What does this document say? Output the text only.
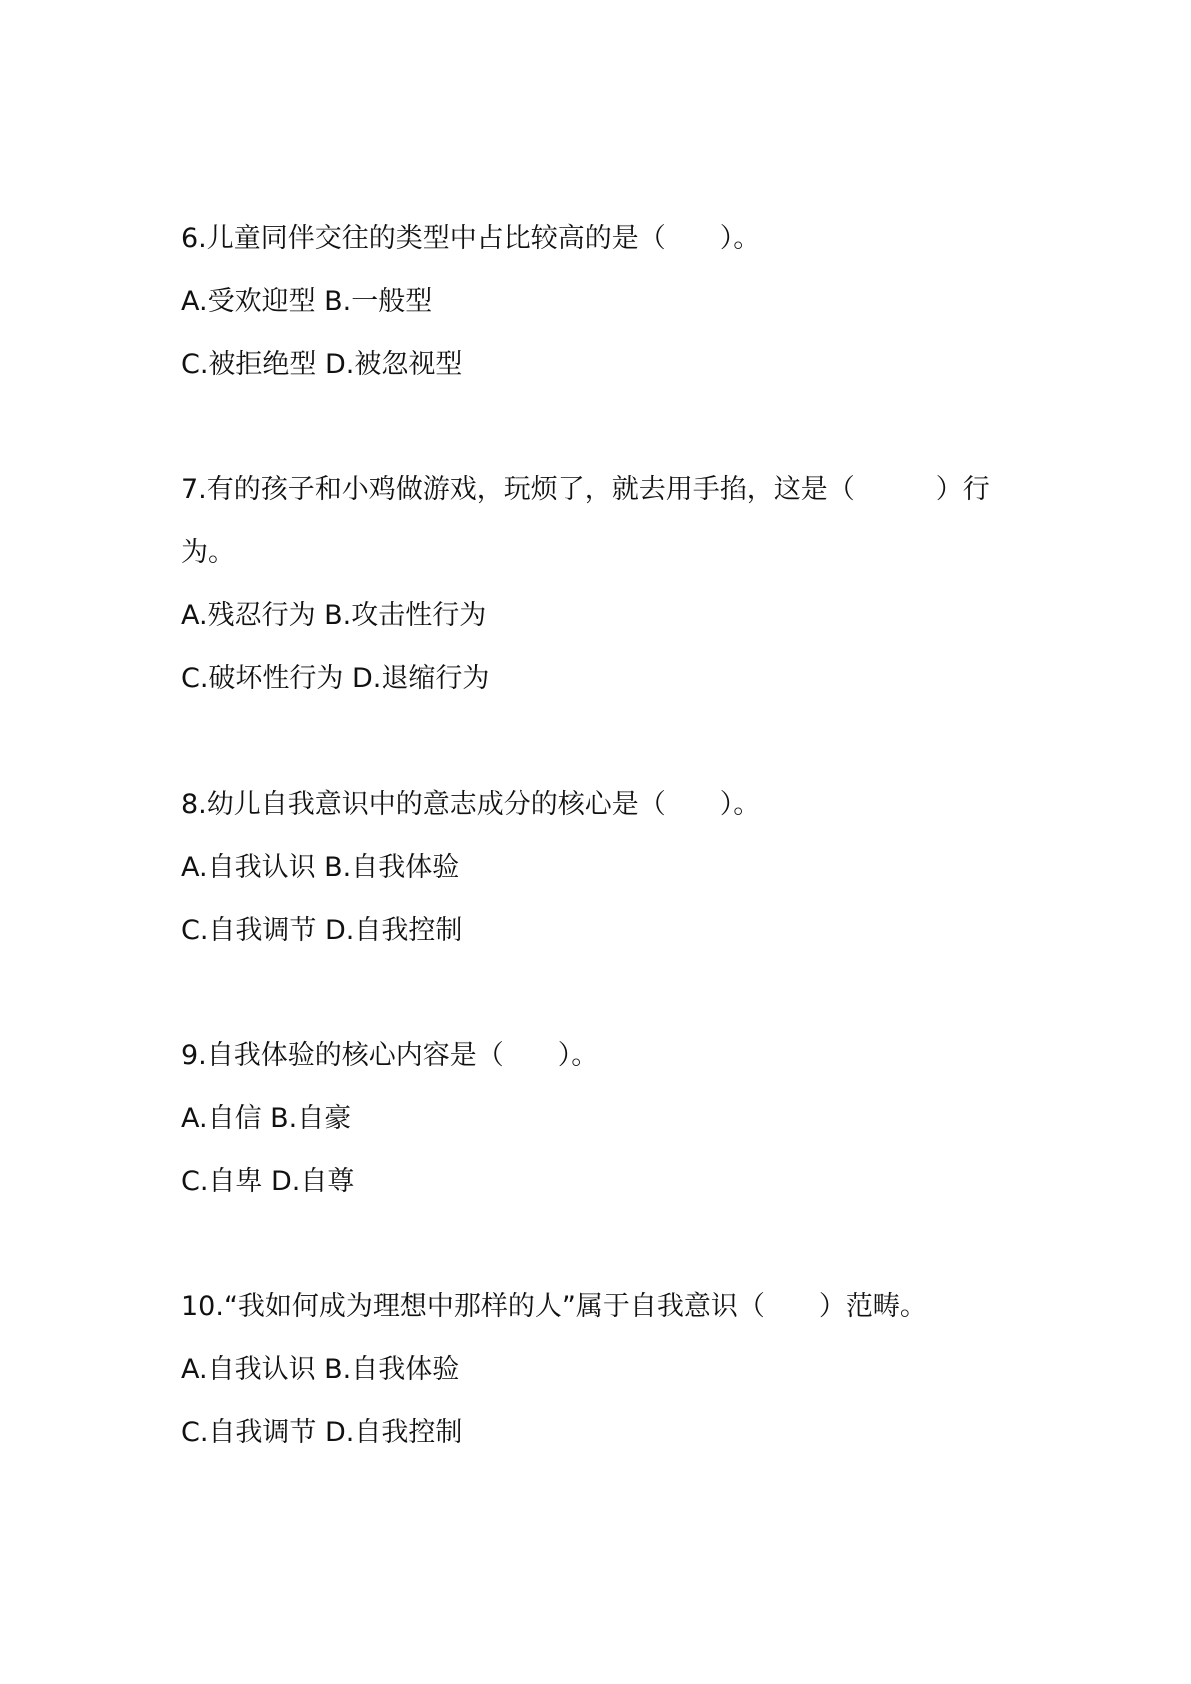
6.儿童同伴交往的类型中占比较高的是（　　）。
A.受欢迎型 B.一般型
C.被拒绝型 D.被忽视型
7.有的孩子和小鸡做游戏，玩烦了，就去用手掐，这是（　　　）行
为。
A.残忍行为 B.攻击性行为
C.破坏性行为 D.退缩行为
8.幼儿自我意识中的意志成分的核心是（　　）。
A.自我认识 B.自我体验
C.自我调节 D.自我控制
9.自我体验的核心内容是（　　）。
A.自信 B.自豪
C.自卑 D.自尊
10.“我如何成为理想中那样的人”属于自我意识（　　）范畴。
A.自我认识 B.自我体验
C.自我调节 D.自我控制
